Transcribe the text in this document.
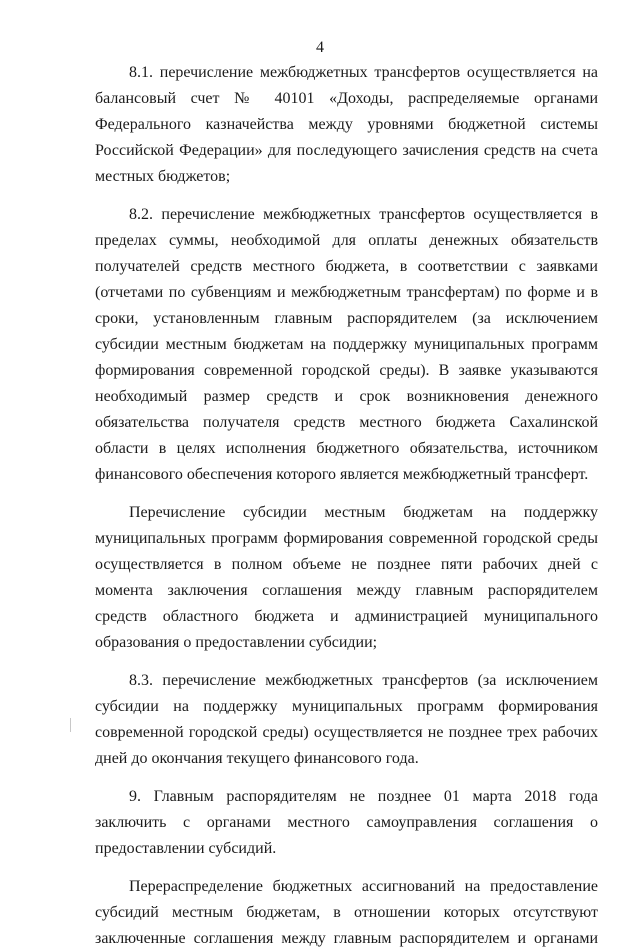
4

8.1. перечисление межбюджетных трансфертов осуществляется на балансовый счет № 40101 «Доходы, распределяемые органами Федерального казначейства между уровнями бюджетной системы Российской Федерации» для последующего зачисления средств на счета местных бюджетов;

8.2. перечисление межбюджетных трансфертов осуществляется в пределах суммы, необходимой для оплаты денежных обязательств получателей средств местного бюджета, в соответствии с заявками (отчетами по субвенциям и межбюджетным трансфертам) по форме и в сроки, установленным главным распорядителем (за исключением субсидии местным бюджетам на поддержку муниципальных программ формирования современной городской среды). В заявке указываются необходимый размер средств и срок возникновения денежного обязательства получателя средств местного бюджета Сахалинской области в целях исполнения бюджетного обязательства, источником финансового обеспечения которого является межбюджетный трансферт.

Перечисление субсидии местным бюджетам на поддержку муниципальных программ формирования современной городской среды осуществляется в полном объеме не позднее пяти рабочих дней с момента заключения соглашения между главным распорядителем средств областного бюджета и администрацией муниципального образования о предоставлении субсидии;

8.3. перечисление межбюджетных трансфертов (за исключением субсидии на поддержку муниципальных программ формирования современной городской среды) осуществляется не позднее трех рабочих дней до окончания текущего финансового года.

9. Главным распорядителям не позднее 01 марта 2018 года заключить с органами местного самоуправления соглашения о предоставлении субсидий.

Перераспределение бюджетных ассигнований на предоставление субсидий местным бюджетам, в отношении которых отсутствуют заключенные соглашения между главным распорядителем и органами
